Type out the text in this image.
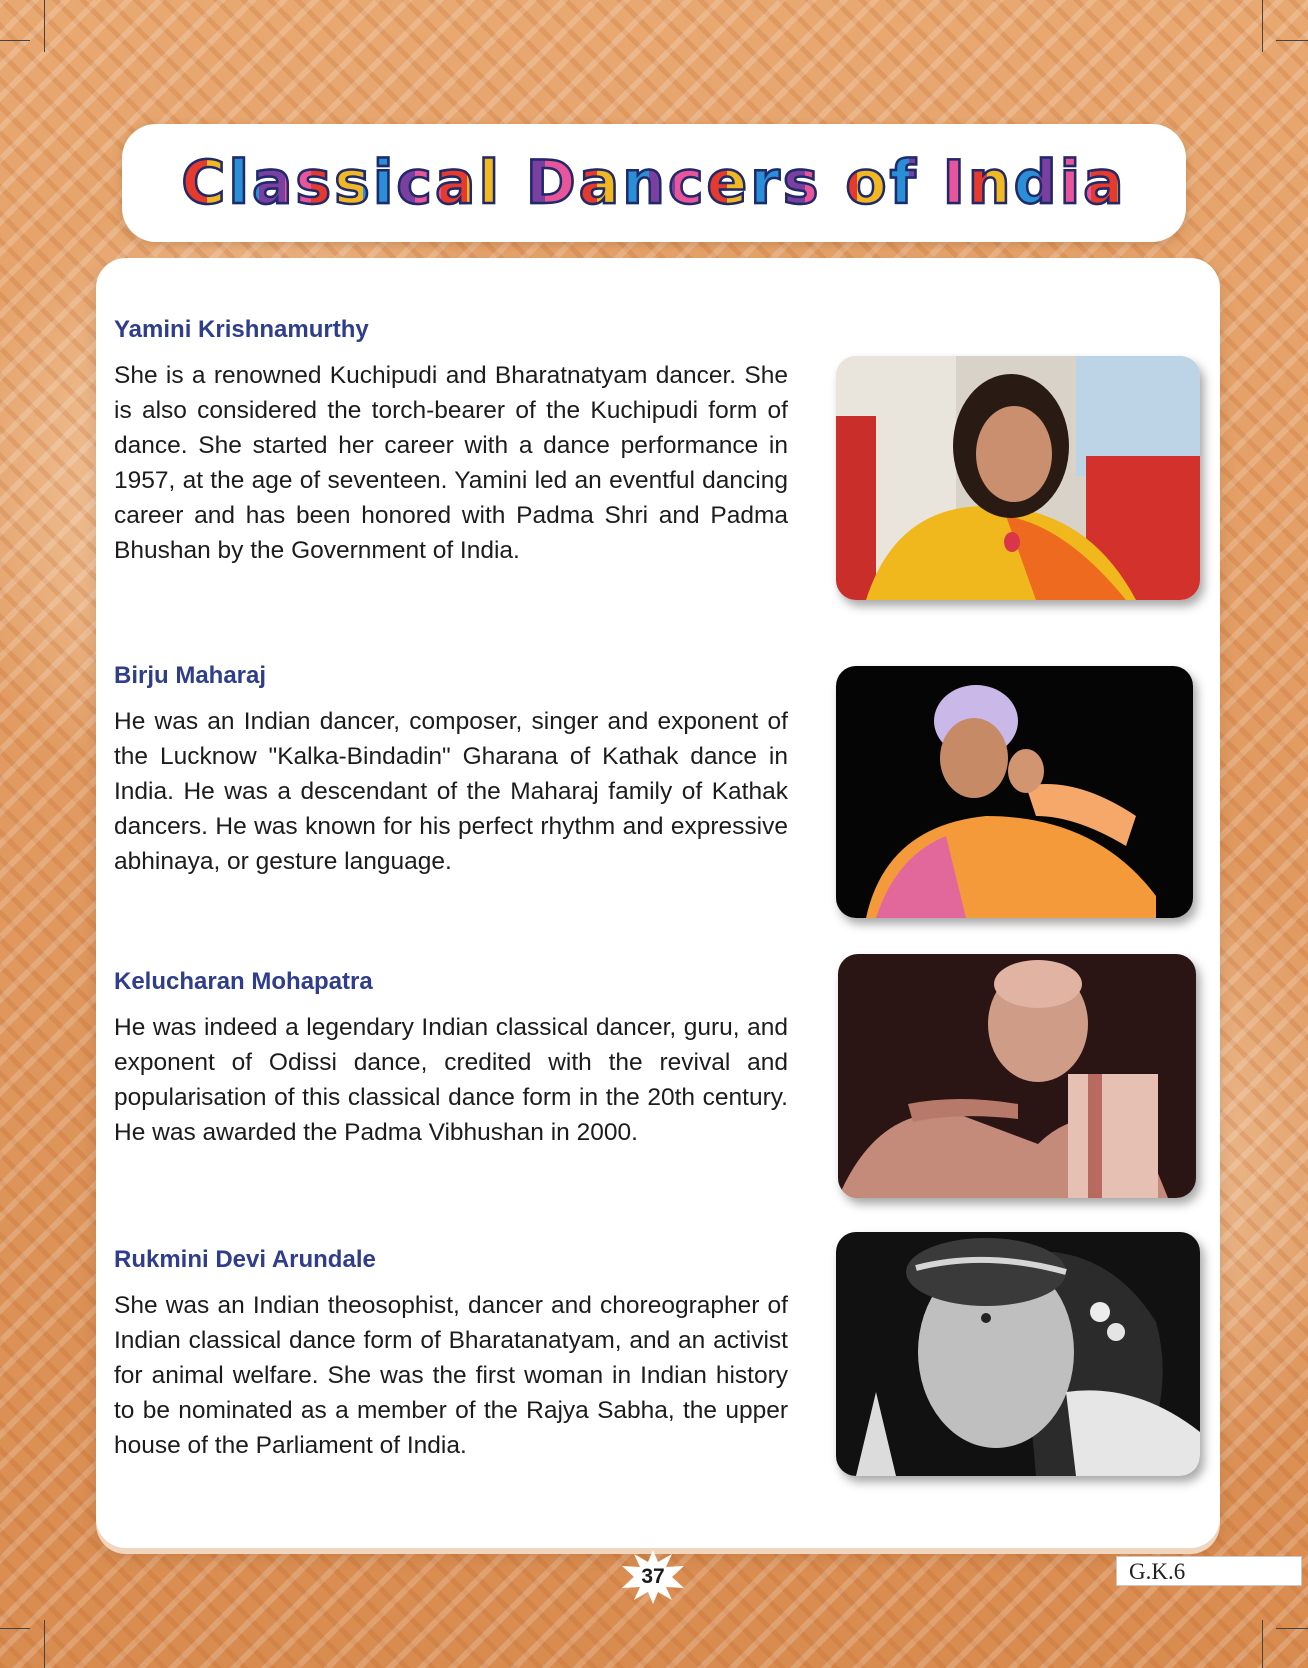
Classical Dancers of India
Yamini Krishnamurthy

She is a renowned Kuchipudi and Bharatnatyam dancer. She is also considered the torch-bearer of the Kuchipudi form of dance. She started her career with a dance performance in 1957, at the age of seventeen. Yamini led an eventful dancing career and has been honored with Padma Shri and Padma Bhushan by the Government of India.

Birju Maharaj

He was an Indian dancer, composer, singer and exponent of the Lucknow "Kalka-Bindadin" Gharana of Kathak dance in India. He was a descendant of the Maharaj family of Kathak dancers. He was known for his perfect rhythm and expressive abhinaya, or gesture language.

Kelucharan Mohapatra

He was indeed a legendary Indian classical dancer, guru, and exponent of Odissi dance, credited with the revival and popularisation of this classical dance form in the 20th century. He was awarded the Padma Vibhushan in 2000.

Rukmini Devi Arundale

She was an Indian theosophist, dancer and choreographer of Indian classical dance form of Bharatanatyam, and an activist for animal welfare. She was the first woman in Indian history to be nominated as a member of the Rajya Sabha, the upper house of the Parliament of India.

37	G.K.6
